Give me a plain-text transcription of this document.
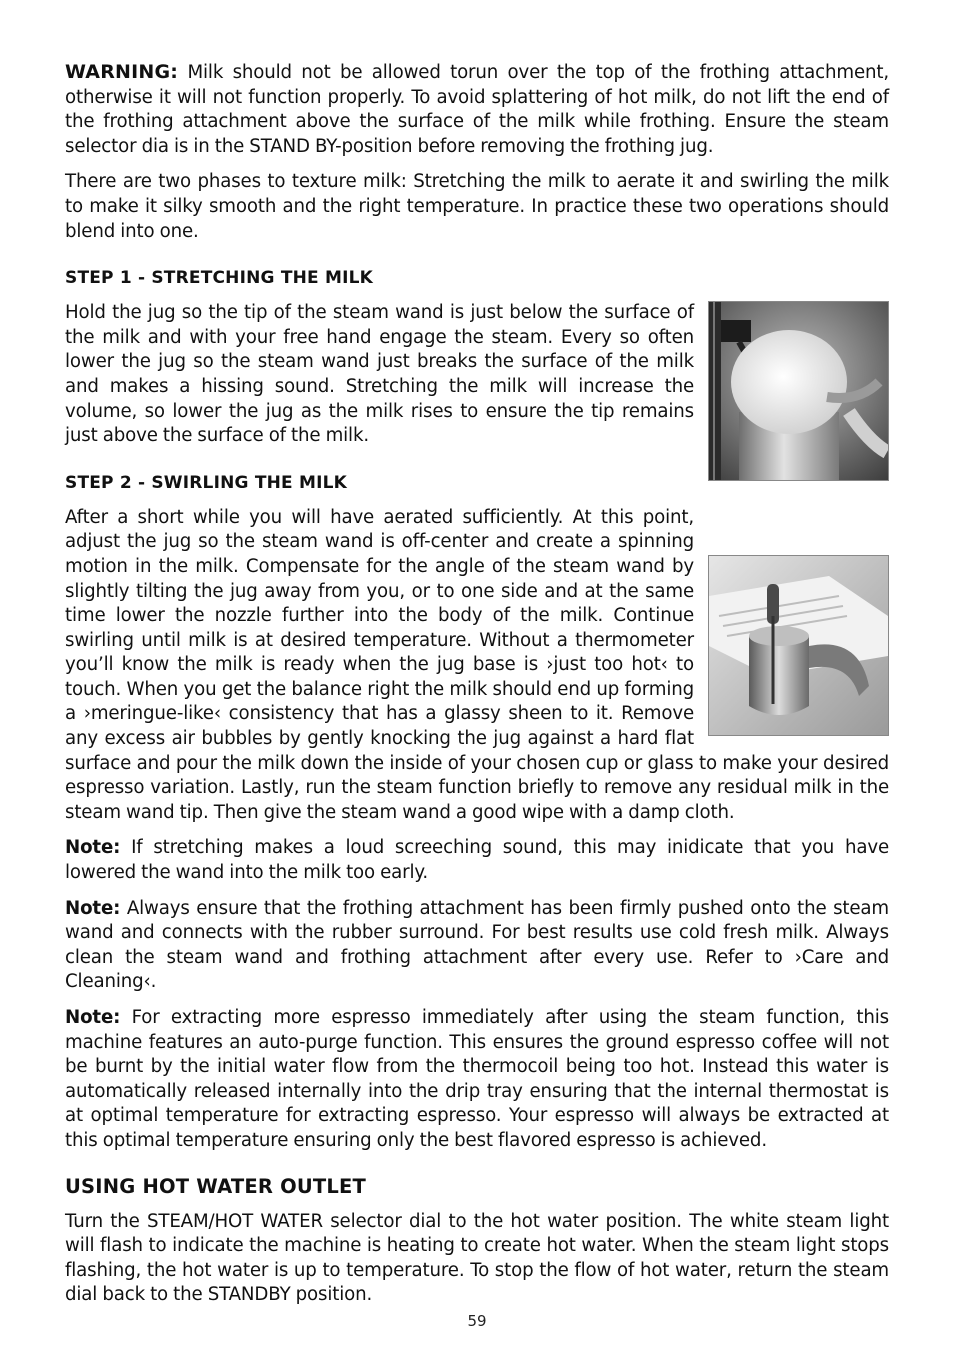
WARNING: Milk should not be allowed torun over the top of the frothing attachment, otherwise it will not function properly. To avoid splattering of hot milk, do not lift the end of the frothing attachment above the surface of the milk while frothing. Ensure the steam selector dia is in the STAND BY-position before removing the frothing jug.

There are two phases to texture milk: Stretching the milk to aerate it and swirling the milk to make it silky smooth and the right temperature. In practice these two operations should blend into one.

STEP 1 - STRETCHING THE MILK

Hold the jug so the tip of the steam wand is just below the surface of the milk and with your free hand engage the steam. Every so often lower the jug so the steam wand just breaks the surface of the milk and makes a hissing sound. Stretching the milk will increase the volume, so lower the jug as the milk rises to ensure the tip remains just above the surface of the milk.

STEP 2 - SWIRLING THE MILK

After a short while you will have aerated sufficiently. At this point, adjust the jug so the steam wand is off-center and create a spinning motion in the milk. Compensate for the angle of the steam wand by slightly tilting the jug away from you, or to one side and at the same time lower the nozzle further into the body of the milk. Continue swirling until milk is at desired temperature. Without a thermometer you’ll know the milk is ready when the jug base is ›just too hot‹ to touch. When you get the balance right the milk should end up forming a ›meringue-like‹ consistency that has a glassy sheen to it. Remove any excess air bubbles by gently knocking the jug against a hard flat surface and pour the milk down the inside of your chosen cup or glass to make your desired espresso variation. Lastly, run the steam function briefly to remove any residual milk in the steam wand tip. Then give the steam wand a good wipe with a damp cloth.

Note: If stretching makes a loud screeching sound, this may inidicate that you have lowered the wand into the milk too early.

Note: Always ensure that the frothing attachment has been firmly pushed onto the steam wand and connects with the rubber surround. For best results use cold fresh milk. Always clean the steam wand and frothing attachment after every use. Refer to ›Care and Cleaning‹.

Note: For extracting more espresso immediately after using the steam function, this machine features an auto-purge function. This ensures the ground espresso coffee will not be burnt by the initial water flow from the thermocoil being too hot. Instead this water is automatically released internally into the drip tray ensuring that the internal thermostat is at optimal temperature for extracting espresso. Your espresso will always be extracted at this optimal temperature ensuring only the best flavored espresso is achieved.

USING HOT WATER OUTLET

Turn the STEAM/HOT WATER selector dial to the hot water position. The white steam light will flash to indicate the machine is heating to create hot water. When the steam light stops flashing, the hot water is up to temperature. To stop the flow of hot water, return the steam dial back to the STANDBY position.

59
